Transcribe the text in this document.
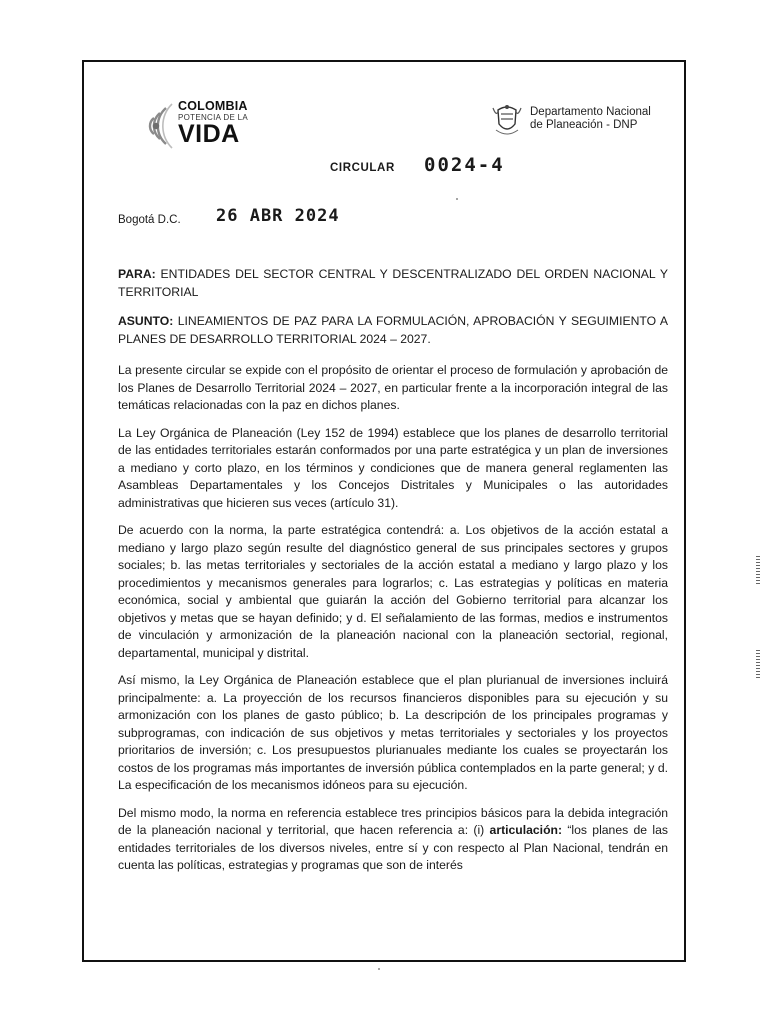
COLOMBIA
POTENCIA DE LA
VIDA
Departamento Nacional
de Planeación - DNP
CIRCULAR 0024-4
Bogotá D.C. 26 ABR 2024

PARA: ENTIDADES DEL SECTOR CENTRAL Y DESCENTRALIZADO DEL ORDEN NACIONAL Y TERRITORIAL

ASUNTO: LINEAMIENTOS DE PAZ PARA LA FORMULACIÓN, APROBACIÓN Y SEGUIMIENTO A PLANES DE DESARROLLO TERRITORIAL 2024 – 2027.

La presente circular se expide con el propósito de orientar el proceso de formulación y aprobación de los Planes de Desarrollo Territorial 2024 – 2027, en particular frente a la incorporación integral de las temáticas relacionadas con la paz en dichos planes.

La Ley Orgánica de Planeación (Ley 152 de 1994) establece que los planes de desarrollo territorial de las entidades territoriales estarán conformados por una parte estratégica y un plan de inversiones a mediano y corto plazo, en los términos y condiciones que de manera general reglamenten las Asambleas Departamentales y los Concejos Distritales y Municipales o las autoridades administrativas que hicieren sus veces (artículo 31).

De acuerdo con la norma, la parte estratégica contendrá: a. Los objetivos de la acción estatal a mediano y largo plazo según resulte del diagnóstico general de sus principales sectores y grupos sociales; b. las metas territoriales y sectoriales de la acción estatal a mediano y largo plazo y los procedimientos y mecanismos generales para lograrlos; c. Las estrategias y políticas en materia económica, social y ambiental que guiarán la acción del Gobierno territorial para alcanzar los objetivos y metas que se hayan definido; y d. El señalamiento de las formas, medios e instrumentos de vinculación y armonización de la planeación nacional con la planeación sectorial, regional, departamental, municipal y distrital.

Así mismo, la Ley Orgánica de Planeación establece que el plan plurianual de inversiones incluirá principalmente: a. La proyección de los recursos financieros disponibles para su ejecución y su armonización con los planes de gasto público; b. La descripción de los principales programas y subprogramas, con indicación de sus objetivos y metas territoriales y sectoriales y los proyectos prioritarios de inversión; c. Los presupuestos plurianuales mediante los cuales se proyectarán los costos de los programas más importantes de inversión pública contemplados en la parte general; y d. La especificación de los mecanismos idóneos para su ejecución.

Del mismo modo, la norma en referencia establece tres principios básicos para la debida integración de la planeación nacional y territorial, que hacen referencia a: (i) articulación: “los planes de las entidades territoriales de los diversos niveles, entre sí y con respecto al Plan Nacional, tendrán en cuenta las políticas, estrategias y programas que son de interés
